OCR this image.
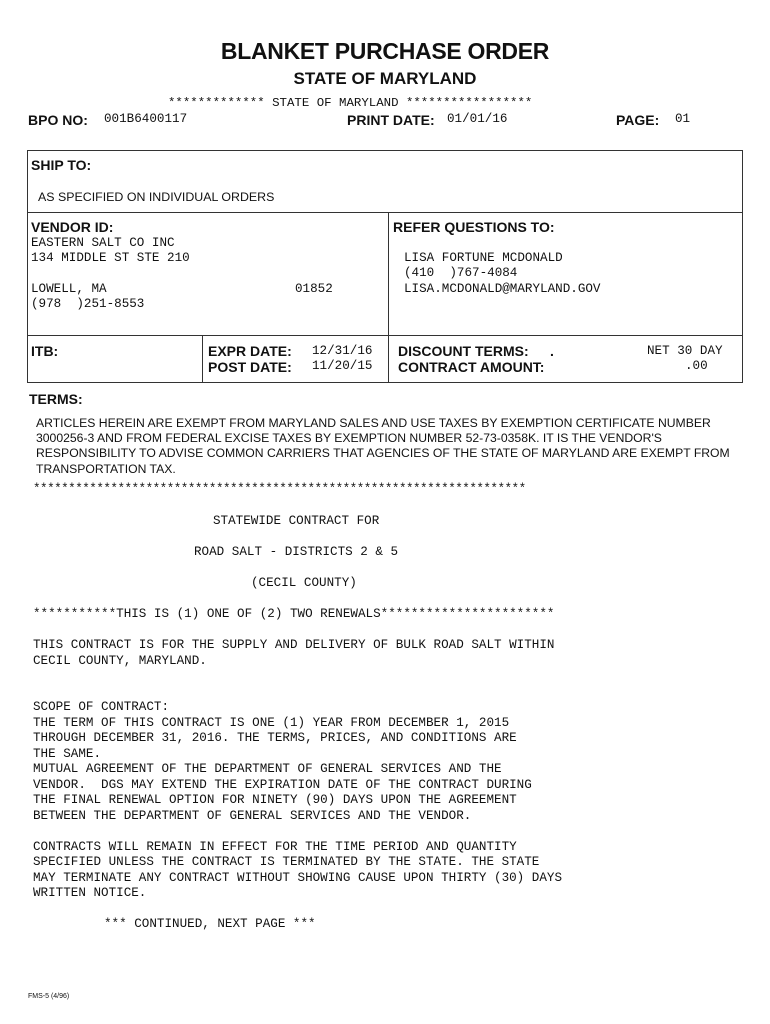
BLANKET PURCHASE ORDER
STATE OF MARYLAND
************* STATE OF MARYLAND *****************
BPO NO: 001B6400117	PRINT DATE: 01/01/16	PAGE: 01
SHIP TO:
AS SPECIFIED ON INDIVIDUAL ORDERS
VENDOR ID:
EASTERN SALT CO INC
134 MIDDLE ST STE 210
LOWELL, MA	01852
(978  )251-8553
REFER QUESTIONS TO:
LISA FORTUNE MCDONALD
(410  )767-4084
LISA.MCDONALD@MARYLAND.GOV
ITB:	EXPR DATE: 12/31/16
POST DATE: 11/20/15
DISCOUNT TERMS: .	NET 30 DAY
CONTRACT AMOUNT:	.00
TERMS:
ARTICLES HEREIN ARE EXEMPT FROM MARYLAND SALES AND USE TAXES BY EXEMPTION CERTIFICATE NUMBER 3000256-3 AND FROM FEDERAL EXCISE TAXES BY EXEMPTION NUMBER 52-73-0358K. IT IS THE VENDOR'S RESPONSIBILITY TO ADVISE COMMON CARRIERS THAT AGENCIES OF THE STATE OF MARYLAND ARE EXEMPT FROM TRANSPORTATION TAX.
**********************************************************************
STATEWIDE CONTRACT FOR
ROAD SALT - DISTRICTS 2 & 5
(CECIL COUNTY)
***********THIS IS (1) ONE OF (2) TWO RENEWALS***********************
THIS CONTRACT IS FOR THE SUPPLY AND DELIVERY OF BULK ROAD SALT WITHIN
CECIL COUNTY, MARYLAND.
SCOPE OF CONTRACT:
THE TERM OF THIS CONTRACT IS ONE (1) YEAR FROM DECEMBER 1, 2015
THROUGH DECEMBER 31, 2016. THE TERMS, PRICES, AND CONDITIONS ARE
THE SAME.
MUTUAL AGREEMENT OF THE DEPARTMENT OF GENERAL SERVICES AND THE
VENDOR.  DGS MAY EXTEND THE EXPIRATION DATE OF THE CONTRACT DURING
THE FINAL RENEWAL OPTION FOR NINETY (90) DAYS UPON THE AGREEMENT
BETWEEN THE DEPARTMENT OF GENERAL SERVICES AND THE VENDOR.
CONTRACTS WILL REMAIN IN EFFECT FOR THE TIME PERIOD AND QUANTITY
SPECIFIED UNLESS THE CONTRACT IS TERMINATED BY THE STATE. THE STATE
MAY TERMINATE ANY CONTRACT WITHOUT SHOWING CAUSE UPON THIRTY (30) DAYS
WRITTEN NOTICE.
*** CONTINUED, NEXT PAGE ***
FMS-5 (4/96)
